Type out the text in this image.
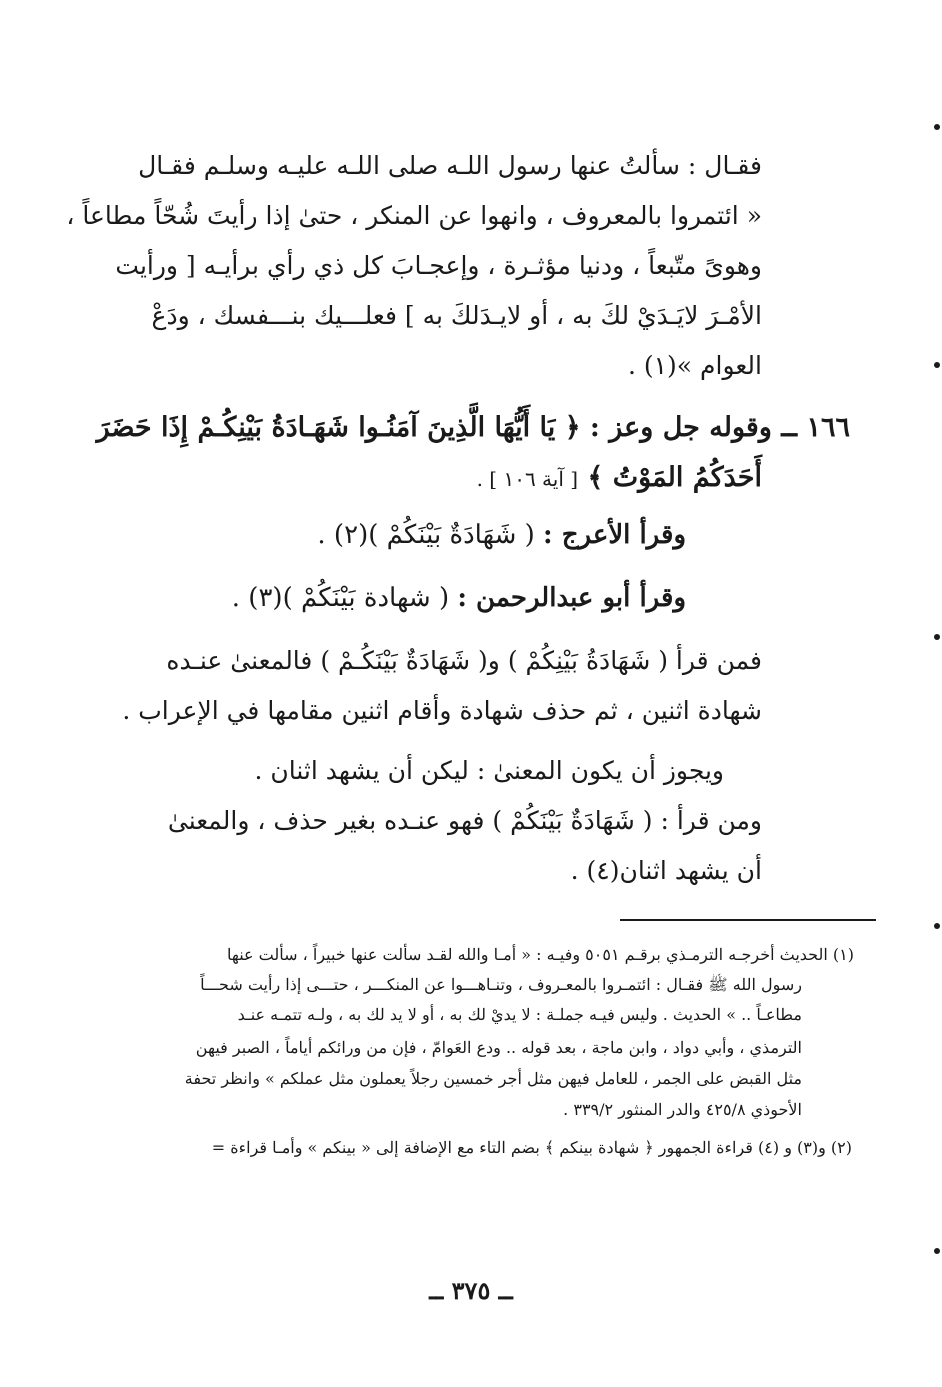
فقـال : سألتُ عنها رسول اللـه صلى اللـه عليـه وسلـم فقـال
« ائتمروا بالمعروف ، وانهوا عن المنكر ، حتىٰ إذا رأيتَ شُحّاً مطاعاً ،
وهوىً متّبعاً ، ودنيا مؤثـرة ، وإعجـابَ كل ذي رأي برأيـه [ ورأيت
الأمْـرَ لايَـدَيْ لكَ به ، أو لايـدَلكَ به ] فعلـــيك بنـــفسك ، ودَعْ
العوام »(١) .
١٦٦ ــ وقوله جل وعز : ﴿ يَا أَيُّهَا الَّذِينَ آمَنُـوا شَهَـادَةُ بَيْنِكُـمْ إِذَا حَضَرَ
أَحَدَكُمُ المَوْتُ ﴾ [ آية ١٠٦ ] .
وقرأ الأعرج : ( شَهَادَةٌ بَيْنَكُمْ )(٢) .
وقرأ أبو عبدالرحمن : ( شهادة بَيْنَكُمْ )(٣) .
فمن قرأ ( شَهَادَةُ بَيْنِكُمْ ) و( شَهَادَةٌ بَيْنَكُـمْ ) فالمعنىٰ عنـده
شهادة اثنين ، ثم حذف شهادة وأقام اثنين مقامها في الإعراب .
ويجوز أن يكون المعنىٰ : ليكن أن يشهد اثنان .
ومن قرأ : ( شَهَادَةٌ بَيْنَكُمْ ) فهو عنـده بغير حذف ، والمعنىٰ
أن يشهد اثنان(٤) .
(١) الحديث أخرجـه الترمـذي برقـم ٥٠٥١ وفيـه : « أمـا والله لقـد سألت عنها خبيراً ، سألت عنها
رسول الله ﷺ فقـال : ائتمـروا بالمعـروف ، وتنـاهـــوا عن المنكـــر ، حتـــى إذا رأيت شحـــاً
مطاعـاً .. » الحديث . وليس فيـه جملـة : لا يديْ لك به ، أو لا يد لك به ، ولـه تتمـه عنـد
الترمذي ، وأبي دواد ، وابن ماجة ، بعد قوله .. ودع العَوامّ ، فإن من ورائكم أياماً ، الصبر فيهن
مثل القبض على الجمر ، للعامل فيهن مثل أجر خمسين رجلاً يعملون مثل عملكم » وانظر تحفة
الأحوذي ٤٢٥/٨ والدر المنثور ٣٣٩/٢ .
(٢) و(٣) و (٤) قراءة الجمهور ﴿ شهادة بينكم ﴾ بضم التاء مع الإضافة إلى « بينكم » وأمـا قراءة =
ــ ٣٧٥ ــ
